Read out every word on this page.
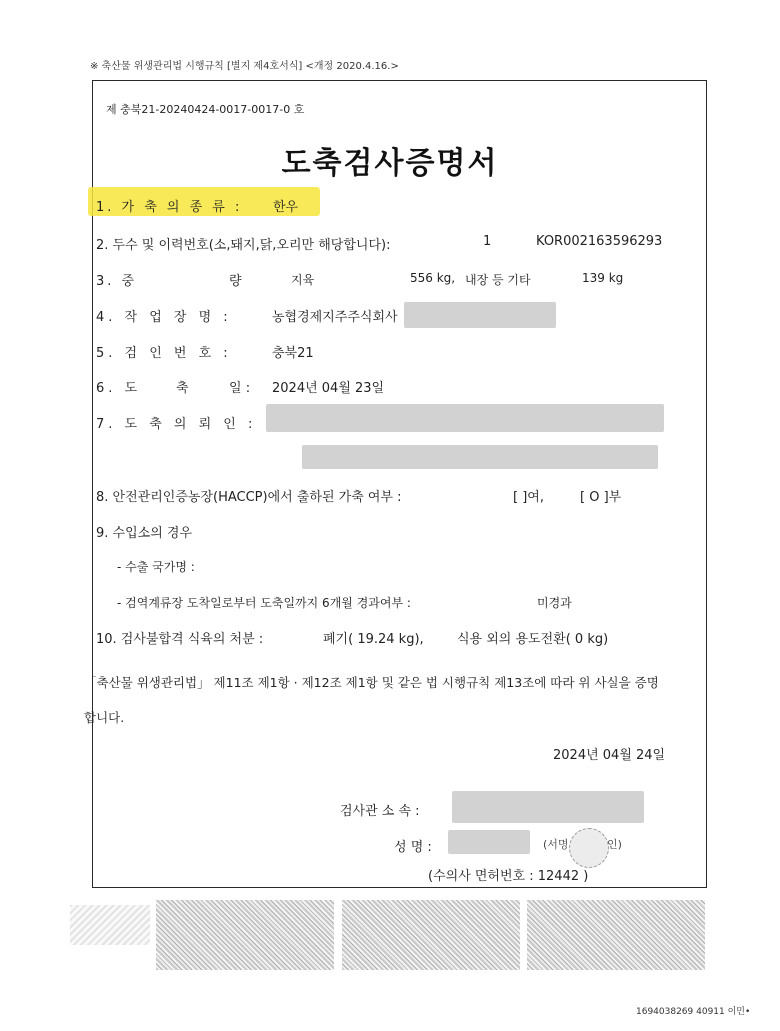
※ 축산물 위생관리법 시행규칙 [별지 제4호서식] <개정 2020.4.16.>
제 충북21-20240424-0017-0017-0 호
도축검사증명서
1. 가 축 의 종 류 : 한우
2. 두수 및 이력번호(소,돼지,닭,오리만 해당합니다):	1	KOR002163596293
3. 중	량	지육	556 kg, 내장 등 기타	139 kg
4. 작 업 장 명 :	농협경제지주주식회사
5. 검 인 번 호 :	충북21
6. 도	축	일 : 2024년 04월 23일
7. 도 축 의 뢰 인 :
8. 안전관리인증농장(HACCP)에서 출하된 가축 여부 :	[ ]여,	[ O ]부
9. 수입소의 경우
- 수출 국가명 :
- 검역계류장 도착일로부터 도축일까지 6개월 경과여부 :	미경과
10. 검사불합격 식육의 처분 :	폐기( 19.24 kg),	식용 외의 용도전환( 0 kg)
「축산물 위생관리법」 제11조 제1항 · 제12조 제1항 및 같은 법 시행규칙 제13조에 따라 위 사실을 증명
합니다.
2024년 04월 24일
검사관 소 속 :
성 명 :	(서명	인)
(수의사 면허번호 : 12442 )
1694038269 40911 이민•
